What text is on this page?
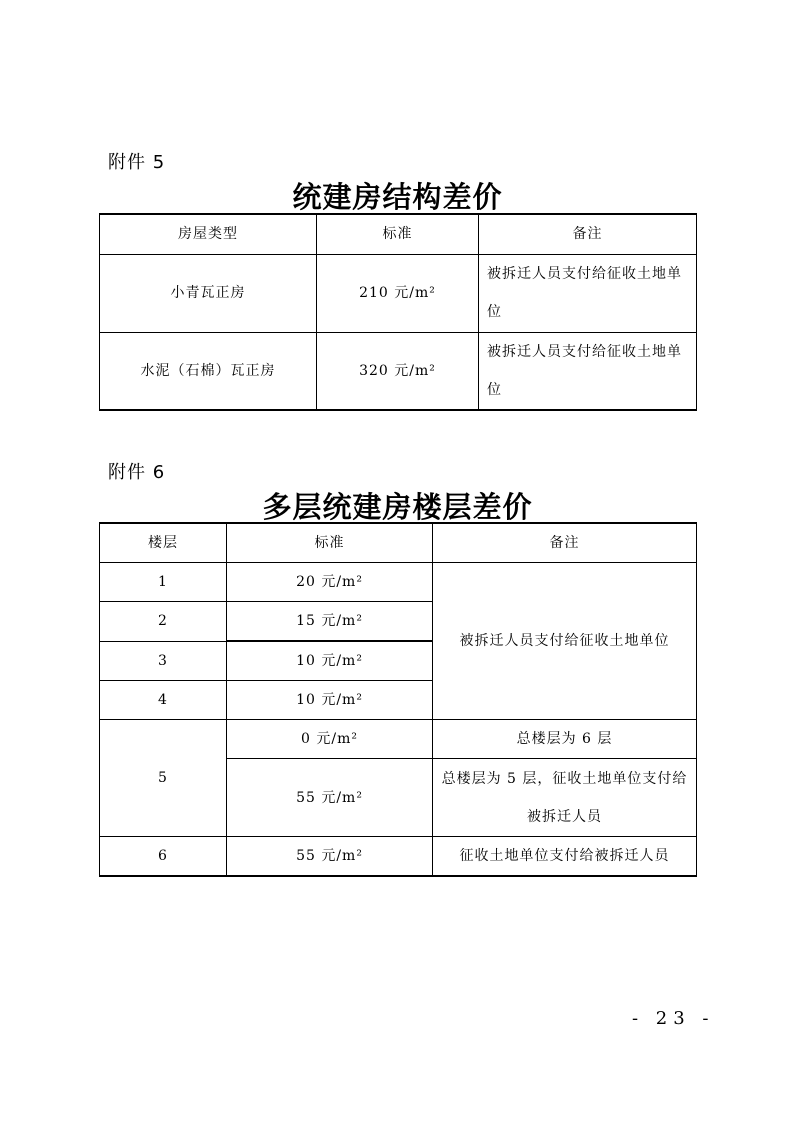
附件 5
统建房结构差价
房屋类型	标准	备注
小青瓦正房	210 元/m²	被拆迁人员支付给征收土地单位
水泥（石棉）瓦正房	320 元/m²	被拆迁人员支付给征收土地单位
附件 6
多层统建房楼层差价
楼层	标准	备注
1	20 元/m²	被拆迁人员支付给征收土地单位
2	15 元/m²	
3	10 元/m²	
4	10 元/m²	
5	0 元/m²	总楼层为 6 层
	55 元/m²	总楼层为 5 层，征收土地单位支付给被拆迁人员
6	55 元/m²	征收土地单位支付给被拆迁人员
- 23 -
